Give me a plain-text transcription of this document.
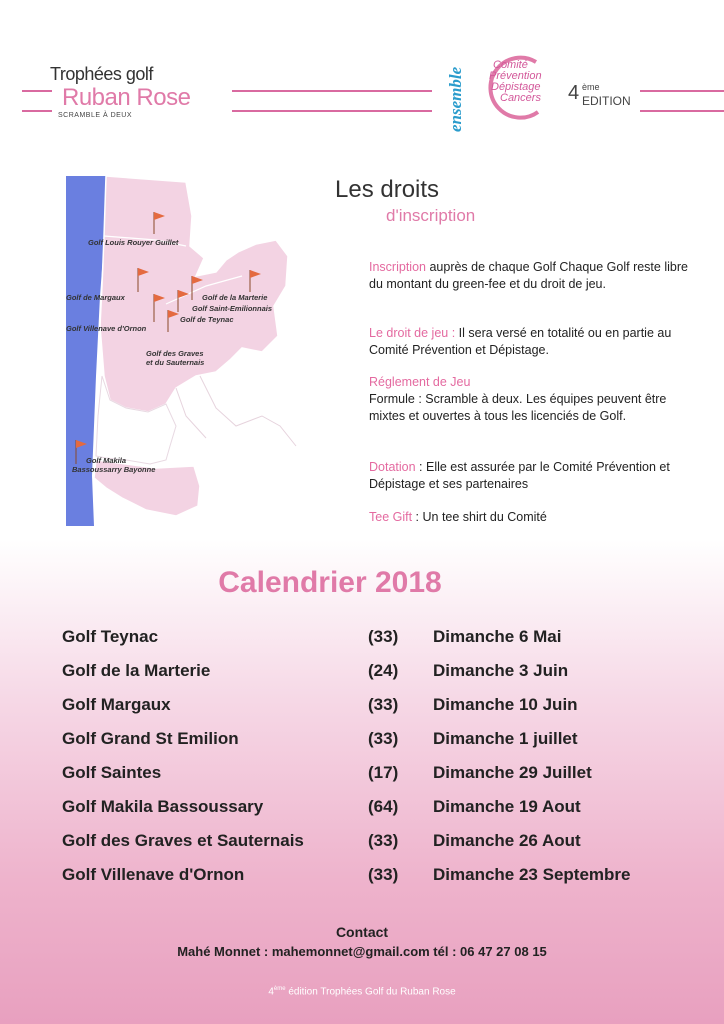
Trophées golf
Ruban Rose
SCRAMBLE À DEUX	ensemble
Comité
Prévention
Dépistage
Cancers 4 ème
EDITION
Golf Louis Rouyer Guillet
Golf de Margaux	Golf de la Marterie
Golf Saint-Emilionnais
Golf de Teynac
Golf Villenave d'Ornon
Golf des Graves
et du Sauternais
Golf Makila
Bassoussarry Bayonne
Les droits
d'inscription
Inscription auprès de chaque Golf Chaque Golf reste libre du montant du green-fee et du droit de jeu.
Le droit de jeu : Il sera versé en totalité ou en partie au Comité Prévention et Dépistage.
Réglement de Jeu
Formule : Scramble à deux. Les équipes peuvent être mixtes et ouvertes à tous les licenciés de Golf.
Dotation : Elle est assurée par le Comité Prévention et Dépistage et ses partenaires
Tee Gift : Un tee shirt du Comité
Calendrier 2018
Golf Teynac	(33) Dimanche 6 Mai
Golf de la Marterie	(24) Dimanche 3 Juin
Golf Margaux	(33) Dimanche 10 Juin
Golf Grand St Emilion	(33) Dimanche 1 juillet
Golf Saintes	(17) Dimanche 29 Juillet
Golf Makila Bassoussary	(64) Dimanche 19 Aout
Golf des Graves et Sauternais	(33) Dimanche 26 Aout
Golf Villenave d'Ornon	(33) Dimanche 23 Septembre
Contact
Mahé Monnet : mahemonnet@gmail.com tél : 06 47 27 08 15
4ème édition Trophées Golf du Ruban Rose
